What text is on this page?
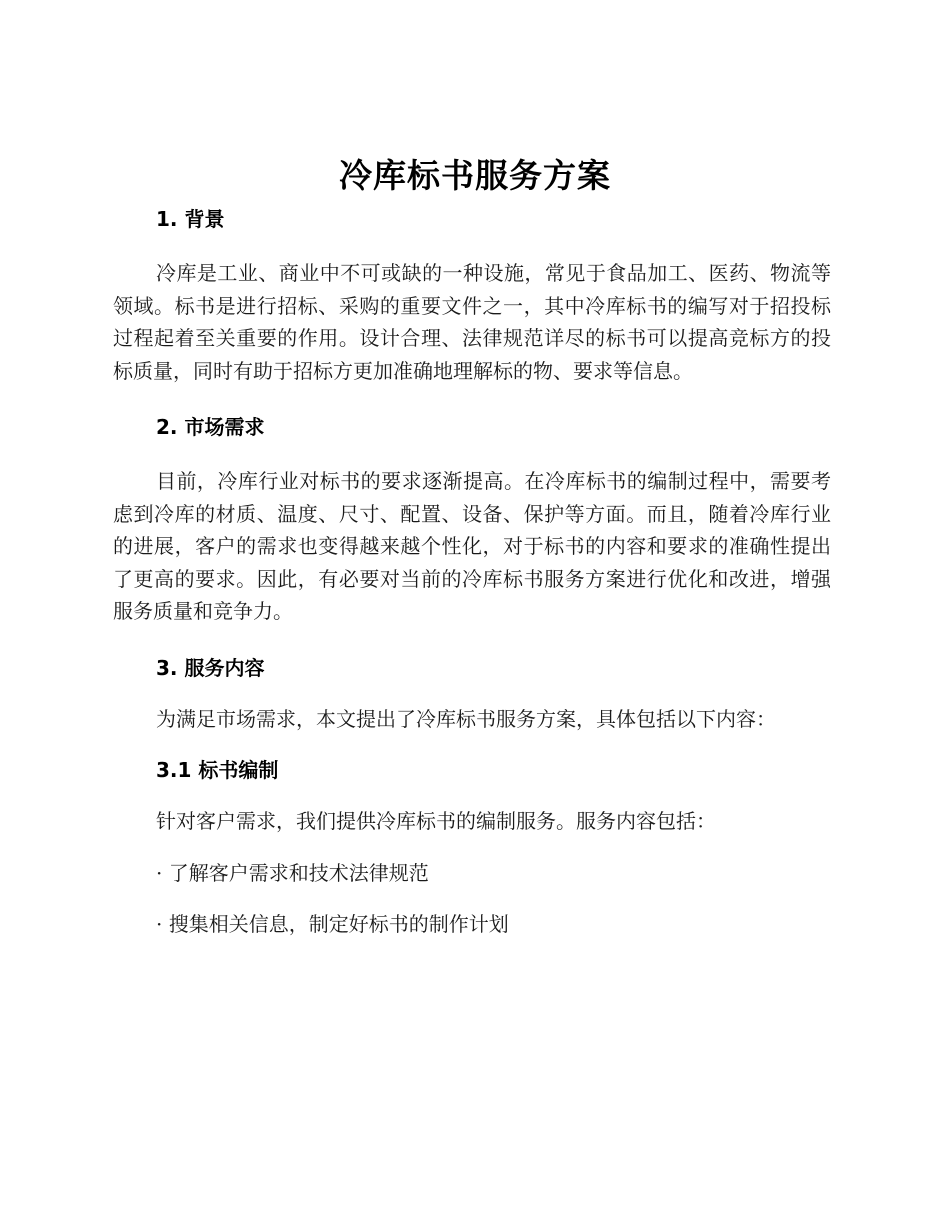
冷库标书服务方案

1. 背景

冷库是工业、商业中不可或缺的一种设施，常见于食品加工、医药、物流等领域。标书是进行招标、采购的重要文件之一，其中冷库标书的编写对于招投标过程起着至关重要的作用。设计合理、法律规范详尽的标书可以提高竞标方的投标质量，同时有助于招标方更加准确地理解标的物、要求等信息。

2. 市场需求

目前，冷库行业对标书的要求逐渐提高。在冷库标书的编制过程中，需要考虑到冷库的材质、温度、尺寸、配置、设备、保护等方面。而且，随着冷库行业的进展，客户的需求也变得越来越个性化，对于标书的内容和要求的准确性提出了更高的要求。因此，有必要对当前的冷库标书服务方案进行优化和改进，增强服务质量和竞争力。

3. 服务内容

为满足市场需求，本文提出了冷库标书服务方案，具体包括以下内容：

3.1 标书编制

针对客户需求，我们提供冷库标书的编制服务。服务内容包括：

· 了解客户需求和技术法律规范

· 搜集相关信息，制定好标书的制作计划
